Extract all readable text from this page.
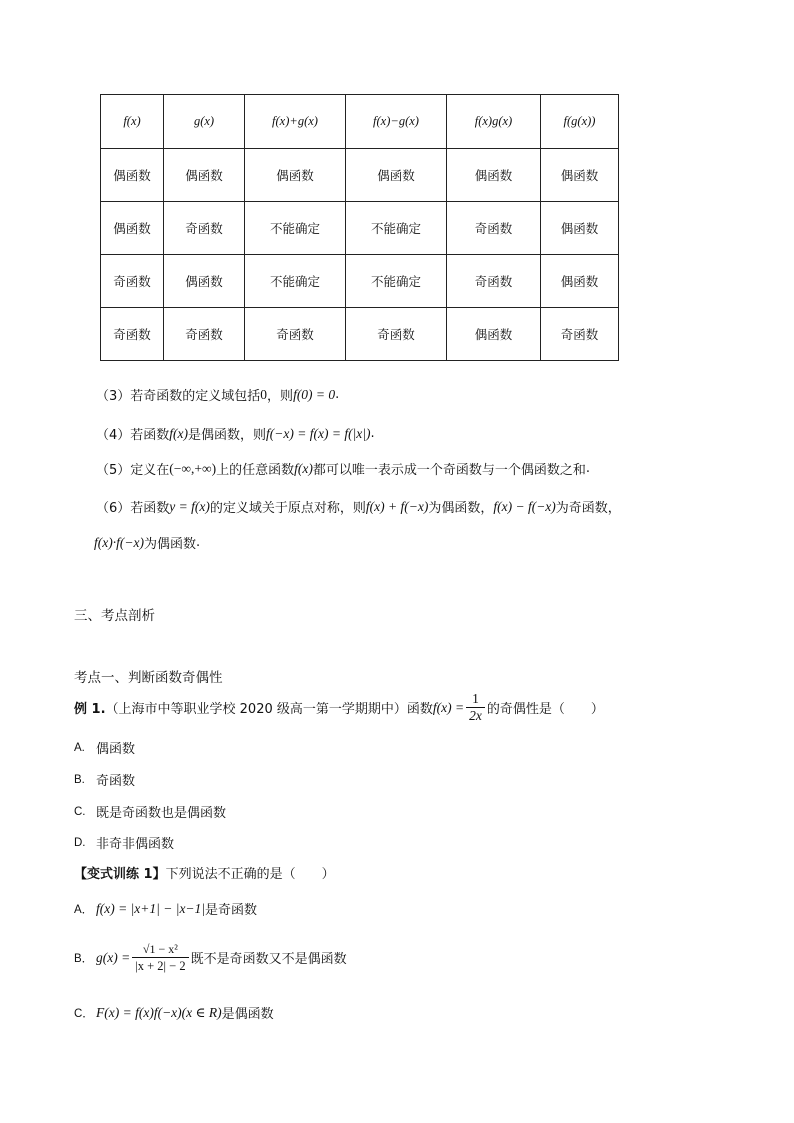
f(x)	g(x)	f(x)+g(x)	f(x)−g(x)	f(x)g(x)	f(g(x))
偶函数	偶函数	偶函数	偶函数	偶函数	偶函数
偶函数	奇函数	不能确定	不能确定	奇函数	偶函数
奇函数	偶函数	不能确定	不能确定	奇函数	偶函数
奇函数	奇函数	奇函数	奇函数	偶函数	奇函数
（3） 若奇函数的定义域包括 0 ，则 f(0) = 0 .
（4） 若函数 f(x) 是偶函数，则 f(−x) = f(x) = f(|x|) .
（5） 定义在 (−∞,+∞) 上的任意函数 f(x) 都可以唯一表示成一个奇函数与一个偶函数之和 .
（6） 若函数 y = f(x) 的定义域关于原点对称，则 f(x) + f(−x) 为偶函数， f(x) − f(−x) 为奇函数，
f(x)·f(−x) 为偶函数 .
三、考点剖析
考点一、判断函数奇偶性
例 1. （上海市中等职业学校 2020 级高一第一学期期中）函数 $f(x) = \frac{1}{2x}$ 的奇偶性是（　　）
A. 偶函数
B. 奇函数
C. 既是奇函数也是偶函数
D. 非奇非偶函数
【变式训练 1】 下列说法不正确的是（　　）
A． f(x) = |x+1| − |x−1| 是奇函数
B． $g(x) = \frac{\text{√1 − x²}}{|x + 2| - 2}$ 既不是奇函数又不是偶函数
C． F(x) = f(x)f(−x)(x ∈ R) 是偶函数
